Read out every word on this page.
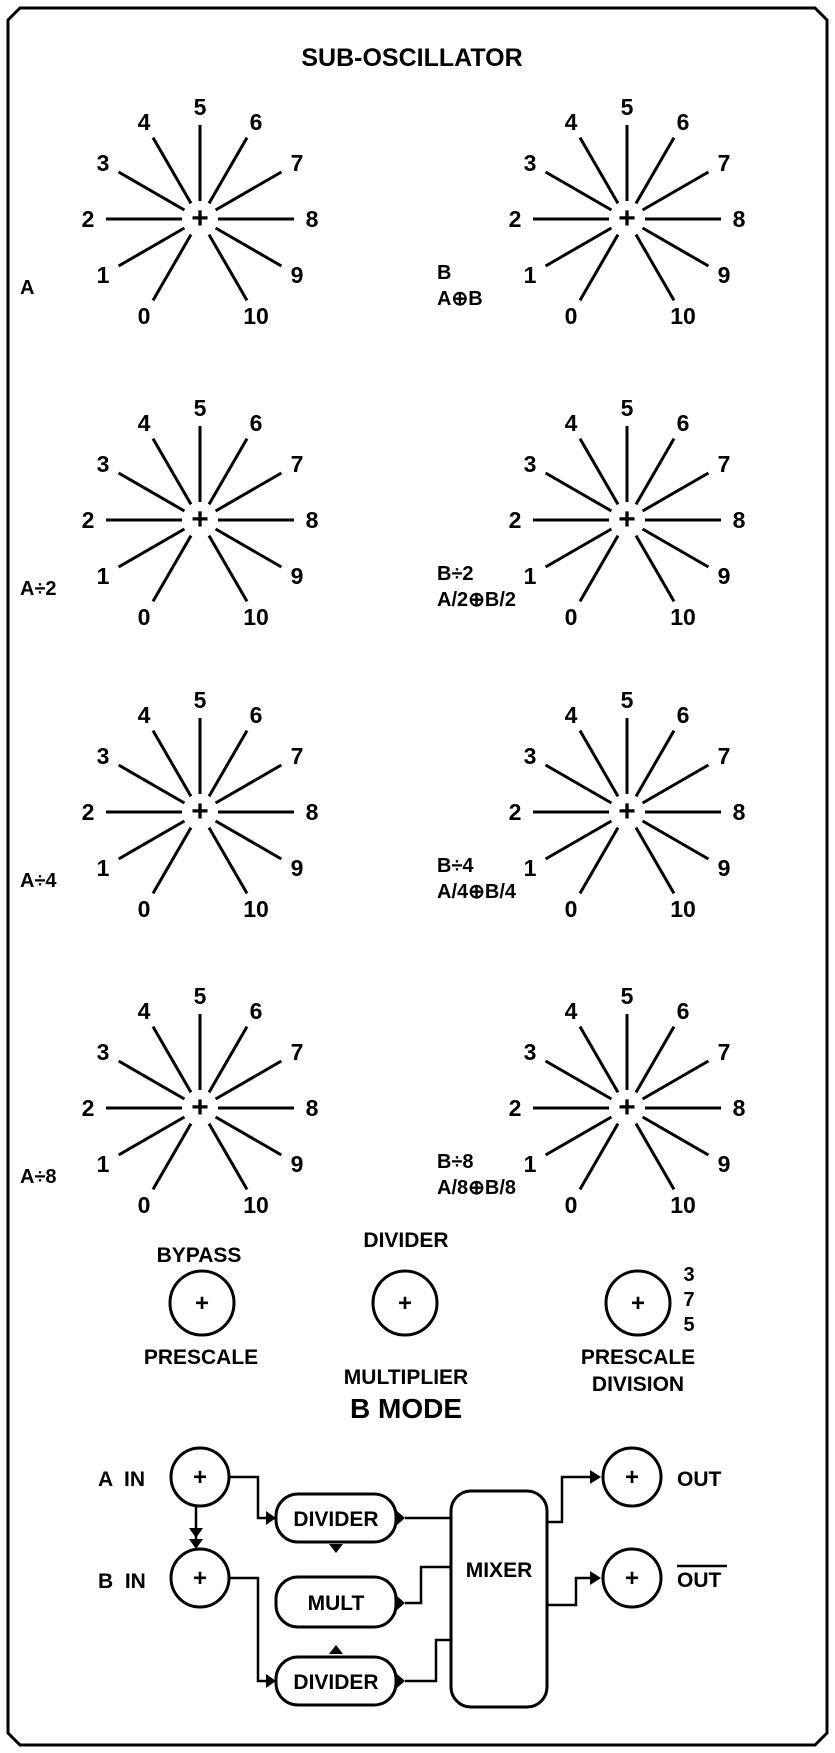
SUB-OSCILLATOR
+
0
1
2
3
4
5
6
7
8
9
10
A
+
0
1
2
3
4
5
6
7
8
9
10
A÷2
+
0
1
2
3
4
5
6
7
8
9
10
A÷4
+
0
1
2
3
4
5
6
7
8
9
10
A÷8
+
0
1
2
3
4
5
6
7
8
9
10
B
A⊕B
+
0
1
2
3
4
5
6
7
8
9
10
B÷2
A/2⊕B/2
+
0
1
2
3
4
5
6
7
8
9
10
B÷4
A/4⊕B/4
+
0
1
2
3
4
5
6
7
8
9
10
B÷8
A/8⊕B/8
BYPASS
+
PRESCALE
DIVIDER
+
MULTIPLIER
B MODE
+
3
7
5
PRESCALE
DIVISION
A  IN
B  IN
+
+
DIVIDER
MULT
DIVIDER
MIXER
+
+
OUT
OUT
